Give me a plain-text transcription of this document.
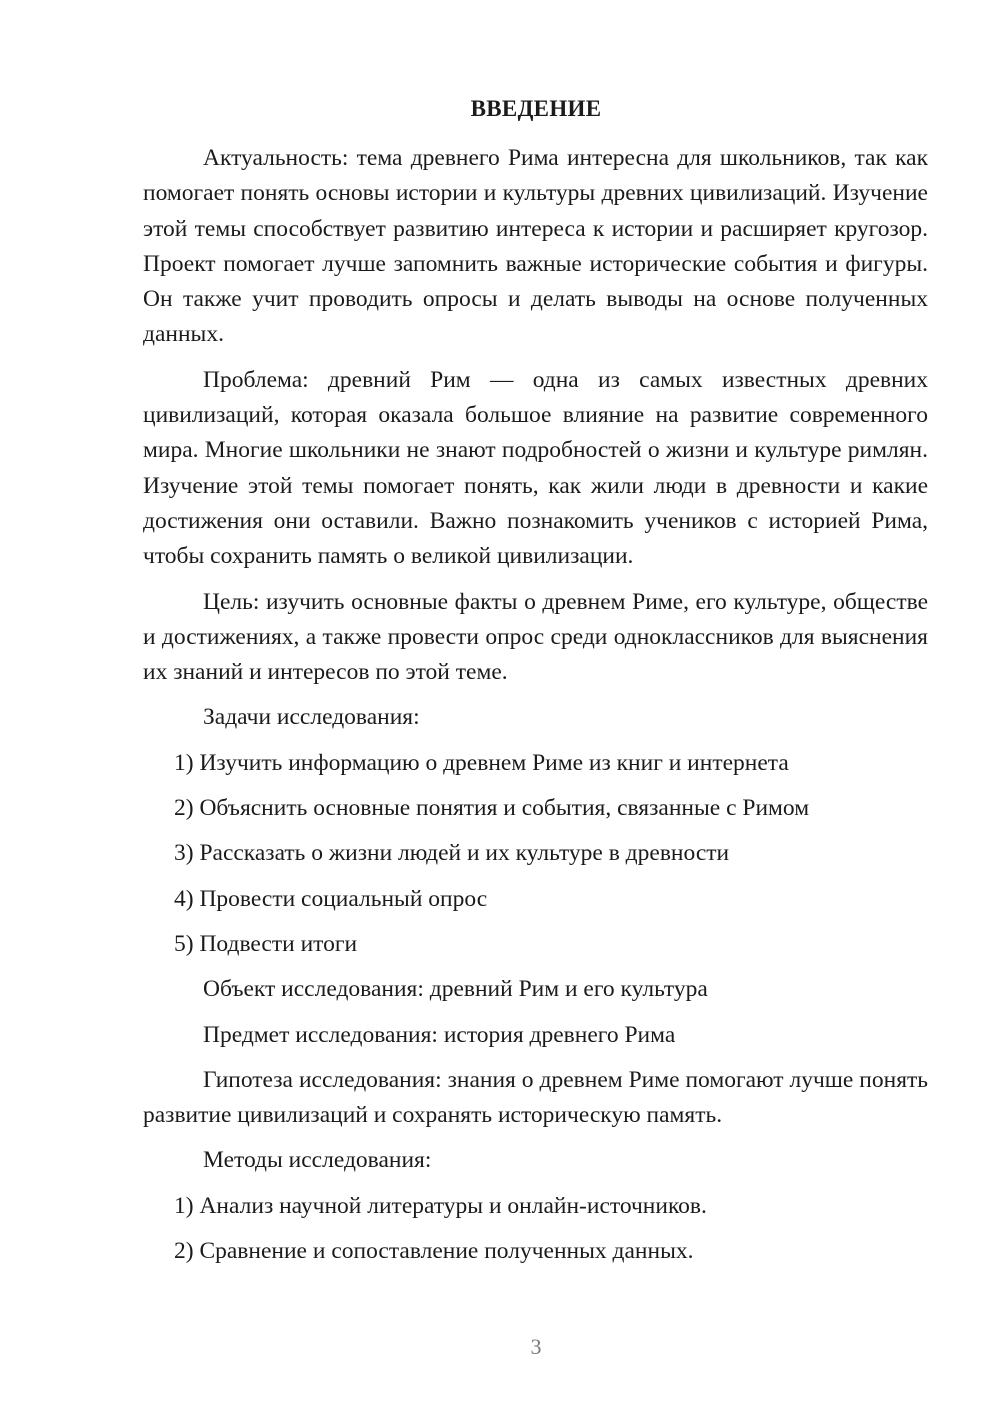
ВВЕДЕНИЕ

Актуальность: тема древнего Рима интересна для школьников, так как помогает понять основы истории и культуры древних цивилизаций. Изучение этой темы способствует развитию интереса к истории и расширяет кругозор. Проект помогает лучше запомнить важные исторические события и фигуры. Он также учит проводить опросы и делать выводы на основе полученных данных.

Проблема: древний Рим — одна из самых известных древних цивилизаций, которая оказала большое влияние на развитие современного мира. Многие школьники не знают подробностей о жизни и культуре римлян. Изучение этой темы помогает понять, как жили люди в древности и какие достижения они оставили. Важно познакомить учеников с историей Рима, чтобы сохранить память о великой цивилизации.

Цель: изучить основные факты о древнем Риме, его культуре, обществе и достижениях, а также провести опрос среди одноклассников для выяснения их знаний и интересов по этой теме.

Задачи исследования:

1) Изучить информацию о древнем Риме из книг и интернета

2) Объяснить основные понятия и события, связанные с Римом

3) Рассказать о жизни людей и их культуре в древности

4) Провести социальный опрос

5) Подвести итоги

Объект исследования: древний Рим и его культура

Предмет исследования: история древнего Рима

Гипотеза исследования: знания о древнем Риме помогают лучше понять развитие цивилизаций и сохранять историческую память.

Методы исследования:

1) Анализ научной литературы и онлайн-источников.

2) Сравнение и сопоставление полученных данных.

3
